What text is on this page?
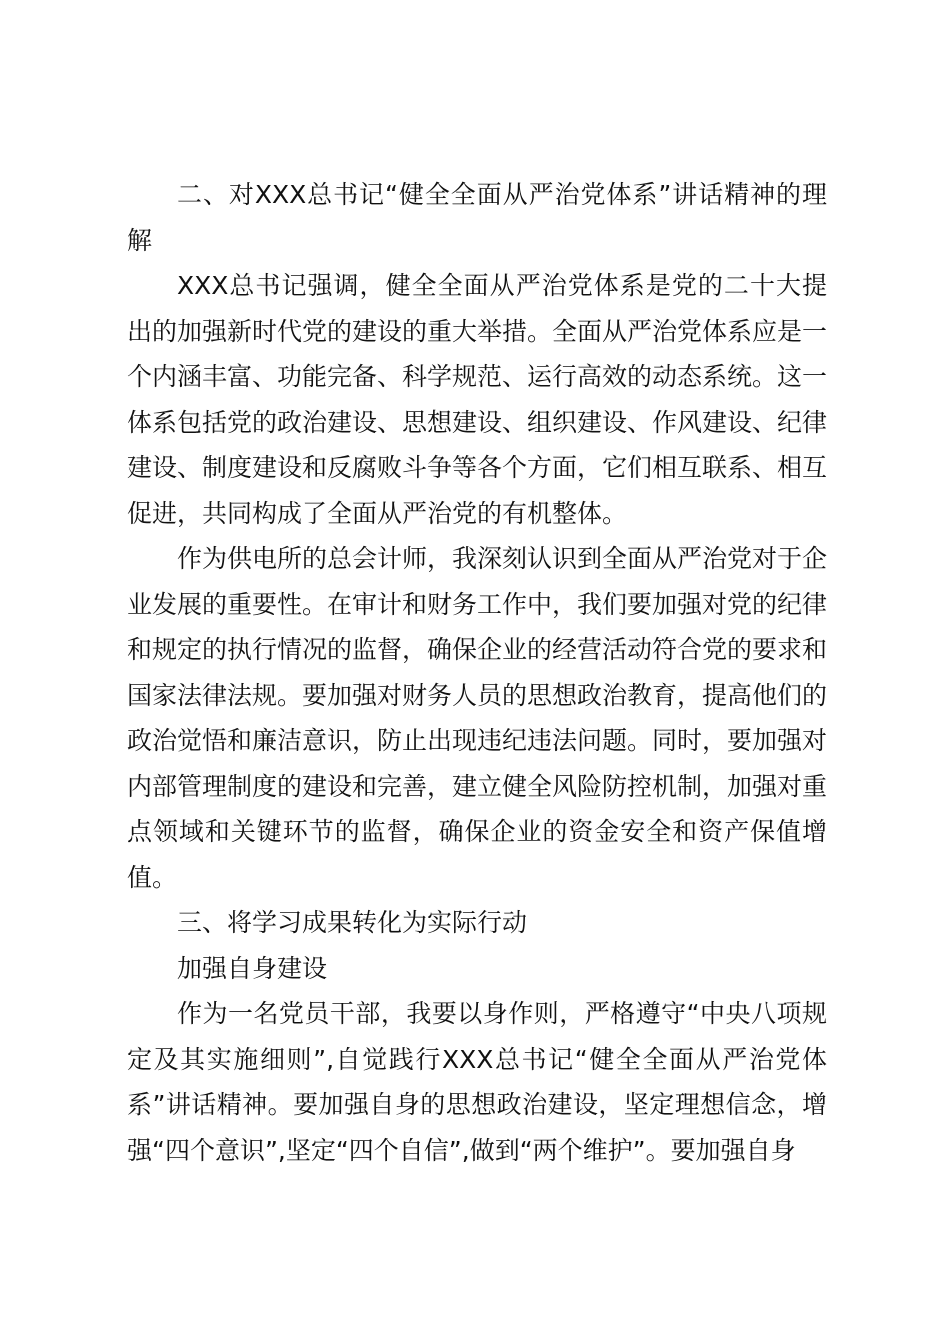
二、对XXX总书记“健全全面从严治党体系”讲话精神的理解

XXX总书记强调，健全全面从严治党体系是党的二十大提出的加强新时代党的建设的重大举措。全面从严治党体系应是一个内涵丰富、功能完备、科学规范、运行高效的动态系统。这一体系包括党的政治建设、思想建设、组织建设、作风建设、纪律建设、制度建设和反腐败斗争等各个方面，它们相互联系、相互促进，共同构成了全面从严治党的有机整体。

作为供电所的总会计师，我深刻认识到全面从严治党对于企业发展的重要性。在审计和财务工作中，我们要加强对党的纪律和规定的执行情况的监督，确保企业的经营活动符合党的要求和国家法律法规。要加强对财务人员的思想政治教育，提高他们的政治觉悟和廉洁意识，防止出现违纪违法问题。同时，要加强对内部管理制度的建设和完善，建立健全风险防控机制，加强对重点领域和关键环节的监督，确保企业的资金安全和资产保值增值。

三、将学习成果转化为实际行动

加强自身建设

作为一名党员干部，我要以身作则，严格遵守“中央八项规定及其实施细则”,自觉践行XXX总书记“健全全面从严治党体系”讲话精神。要加强自身的思想政治建设，坚定理想信念，增强“四个意识”,坚定“四个自信”,做到“两个维护”。要加强自身
